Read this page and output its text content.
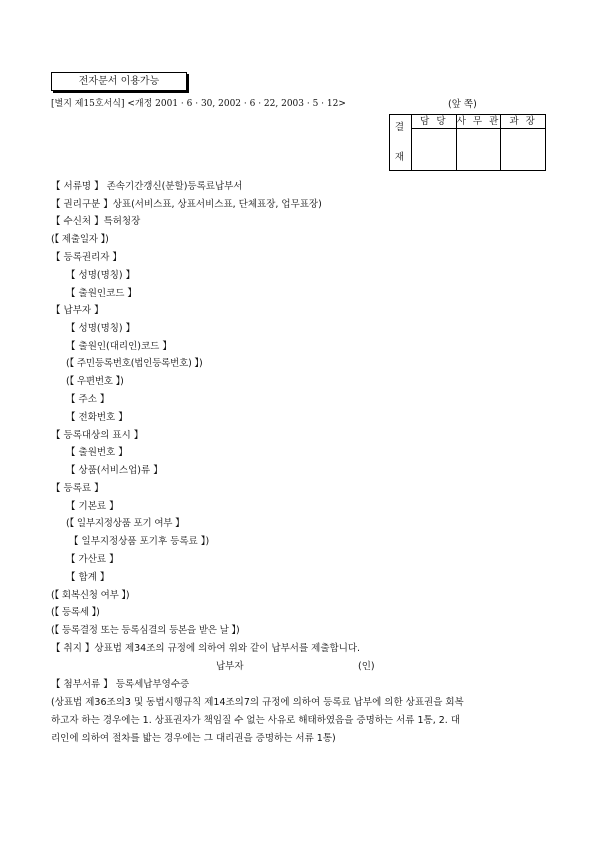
전자문서 이용가능
[별지 제15호서식] <개정 2001 · 6 · 30, 2002 · 6 · 22, 2003 · 5 · 12>	(앞 쪽)
결
재	담 당	사 무 관	과 장

【 서류명 】 존속기간갱신(분할)등록료납부서
【 권리구분 】상표(서비스표, 상표서비스표, 단체표장, 업무표장)
【 수신처 】특허청장
(【 제출일자 】)
【 등록권리자 】
【 성명(명칭) 】
【 출원인코드 】
【 납부자 】
【 성명(명칭) 】
【 출원인(대리인)코드 】
(【 주민등록번호(법인등록번호) 】)
(【 우편번호 】)
【 주소 】
【 전화번호 】
【 등록대상의 표시 】
【 출원번호 】
【 상품(서비스업)류 】
【 등록료 】
【 기본료 】
(【 일부지정상품 포기 여부 】
【 일부지정상품 포기후 등록료 】)
【 가산료 】
【 합계 】
(【 회복신청 여부 】)
(【 등록세 】)
(【 등록결정 또는 등록심결의 등본을 받은 날 】)
【 취지 】상표법 제34조의 규정에 의하여 위와 같이 납부서를 제출합니다.
납부자	(인)
【 첨부서류 】 등록세납부영수증
(상표법 제36조의3 및 동법시행규칙 제14조의7의 규정에 의하여 등록료 납부에 의한 상표권을 회복
하고자 하는 경우에는 1. 상표권자가 책임질 수 없는 사유로 해태하였음을 증명하는 서류 1통, 2. 대
리인에 의하여 절차를 밟는 경우에는 그 대리권을 증명하는 서류 1통)
